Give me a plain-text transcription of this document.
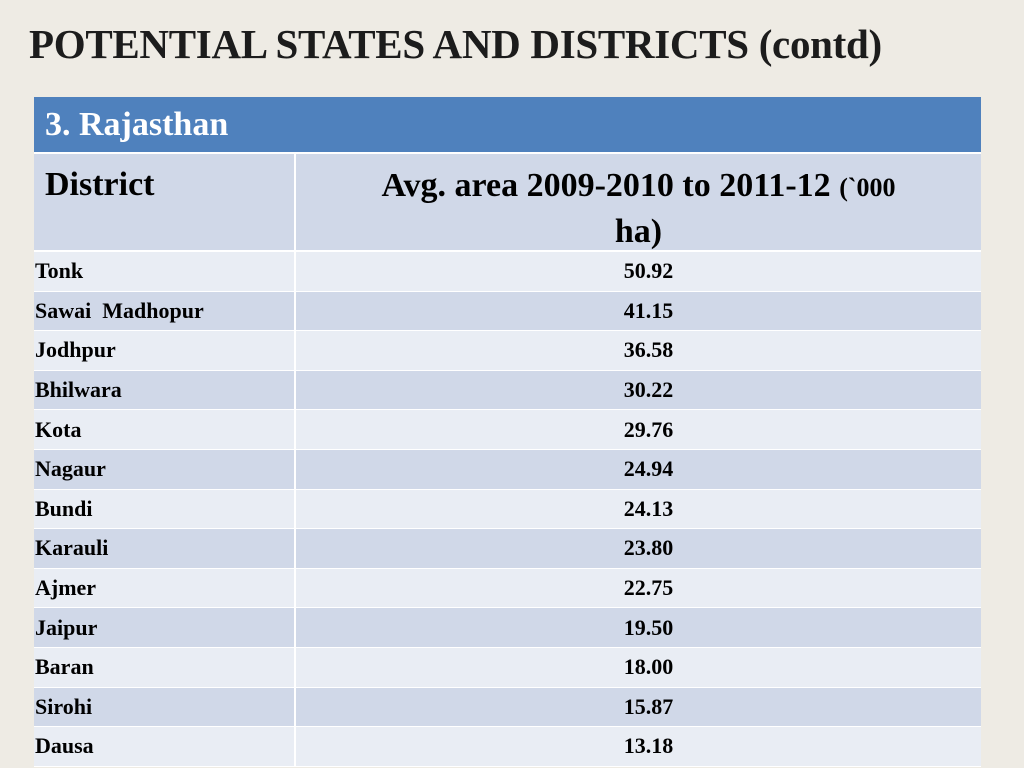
POTENTIAL STATES AND DISTRICTS (contd)
3. Rajasthan
District	Avg. area 2009-2010 to 2011-12 (`000
ha)
Tonk	50.92
Sawai  Madhopur	41.15
Jodhpur	36.58
Bhilwara	30.22
Kota	29.76
Nagaur	24.94
Bundi	24.13
Karauli	23.80
Ajmer	22.75
Jaipur	19.50
Baran	18.00
Sirohi	15.87
Dausa	13.18
